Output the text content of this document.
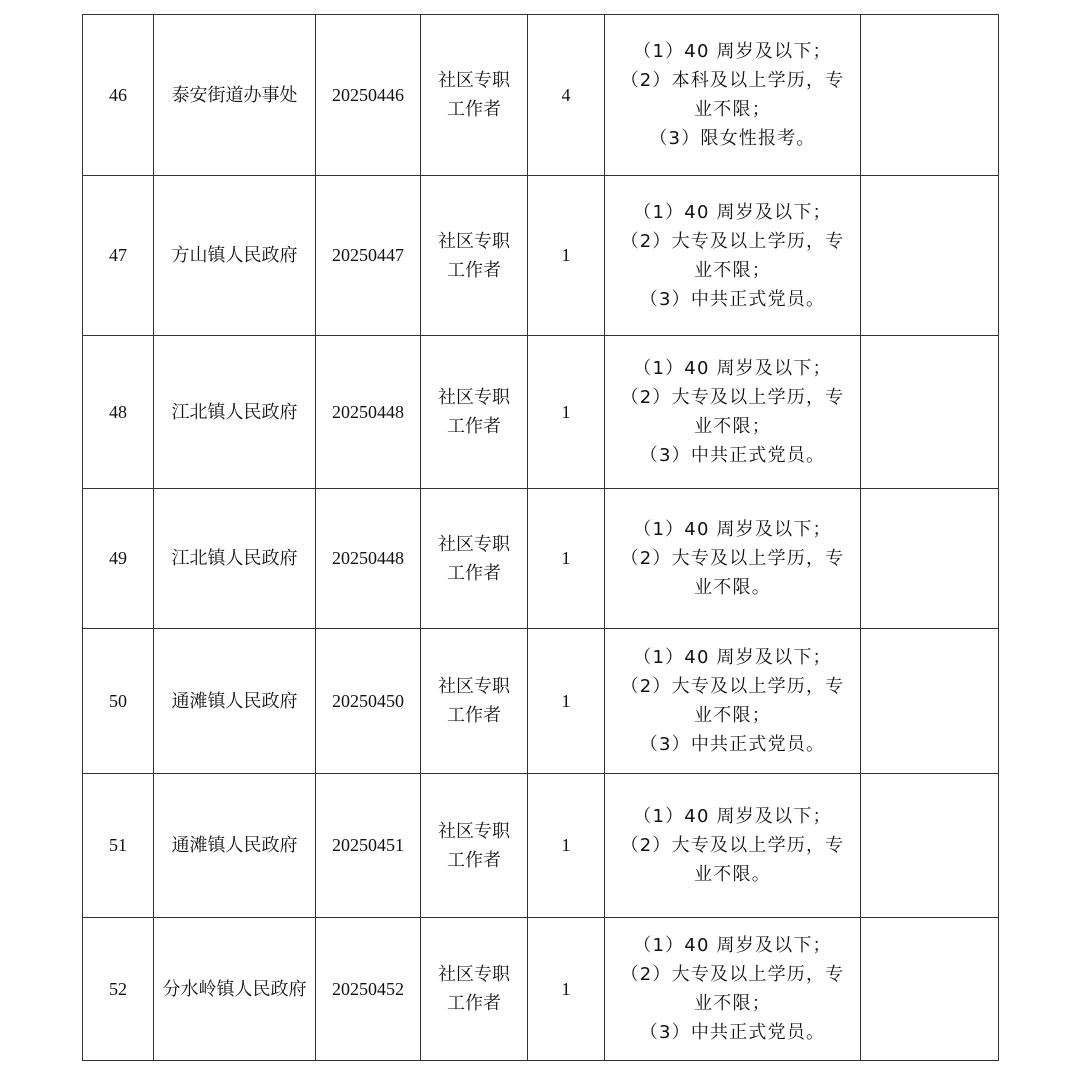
46	泰安街道办事处	20250446	社区专职
工作者	4	（1）40 周岁及以下；
（2）本科及以上学历，专
业不限；
（3）限女性报考。	

47	方山镇人民政府	20250447	社区专职
工作者	1	（1）40 周岁及以下；
（2）大专及以上学历，专
业不限；
（3）中共正式党员。	

48	江北镇人民政府	20250448	社区专职
工作者	1	（1）40 周岁及以下；
（2）大专及以上学历，专
业不限；
（3）中共正式党员。	

49	江北镇人民政府	20250448	社区专职
工作者	1	（1）40 周岁及以下；
（2）大专及以上学历，专
业不限。	

50	通滩镇人民政府	20250450	社区专职
工作者	1	（1）40 周岁及以下；
（2）大专及以上学历，专
业不限；
（3）中共正式党员。	

51	通滩镇人民政府	20250451	社区专职
工作者	1	（1）40 周岁及以下；
（2）大专及以上学历，专
业不限。	

52	分水岭镇人民政府	20250452	社区专职
工作者	1	（1）40 周岁及以下；
（2）大专及以上学历，专
业不限；
（3）中共正式党员。	
